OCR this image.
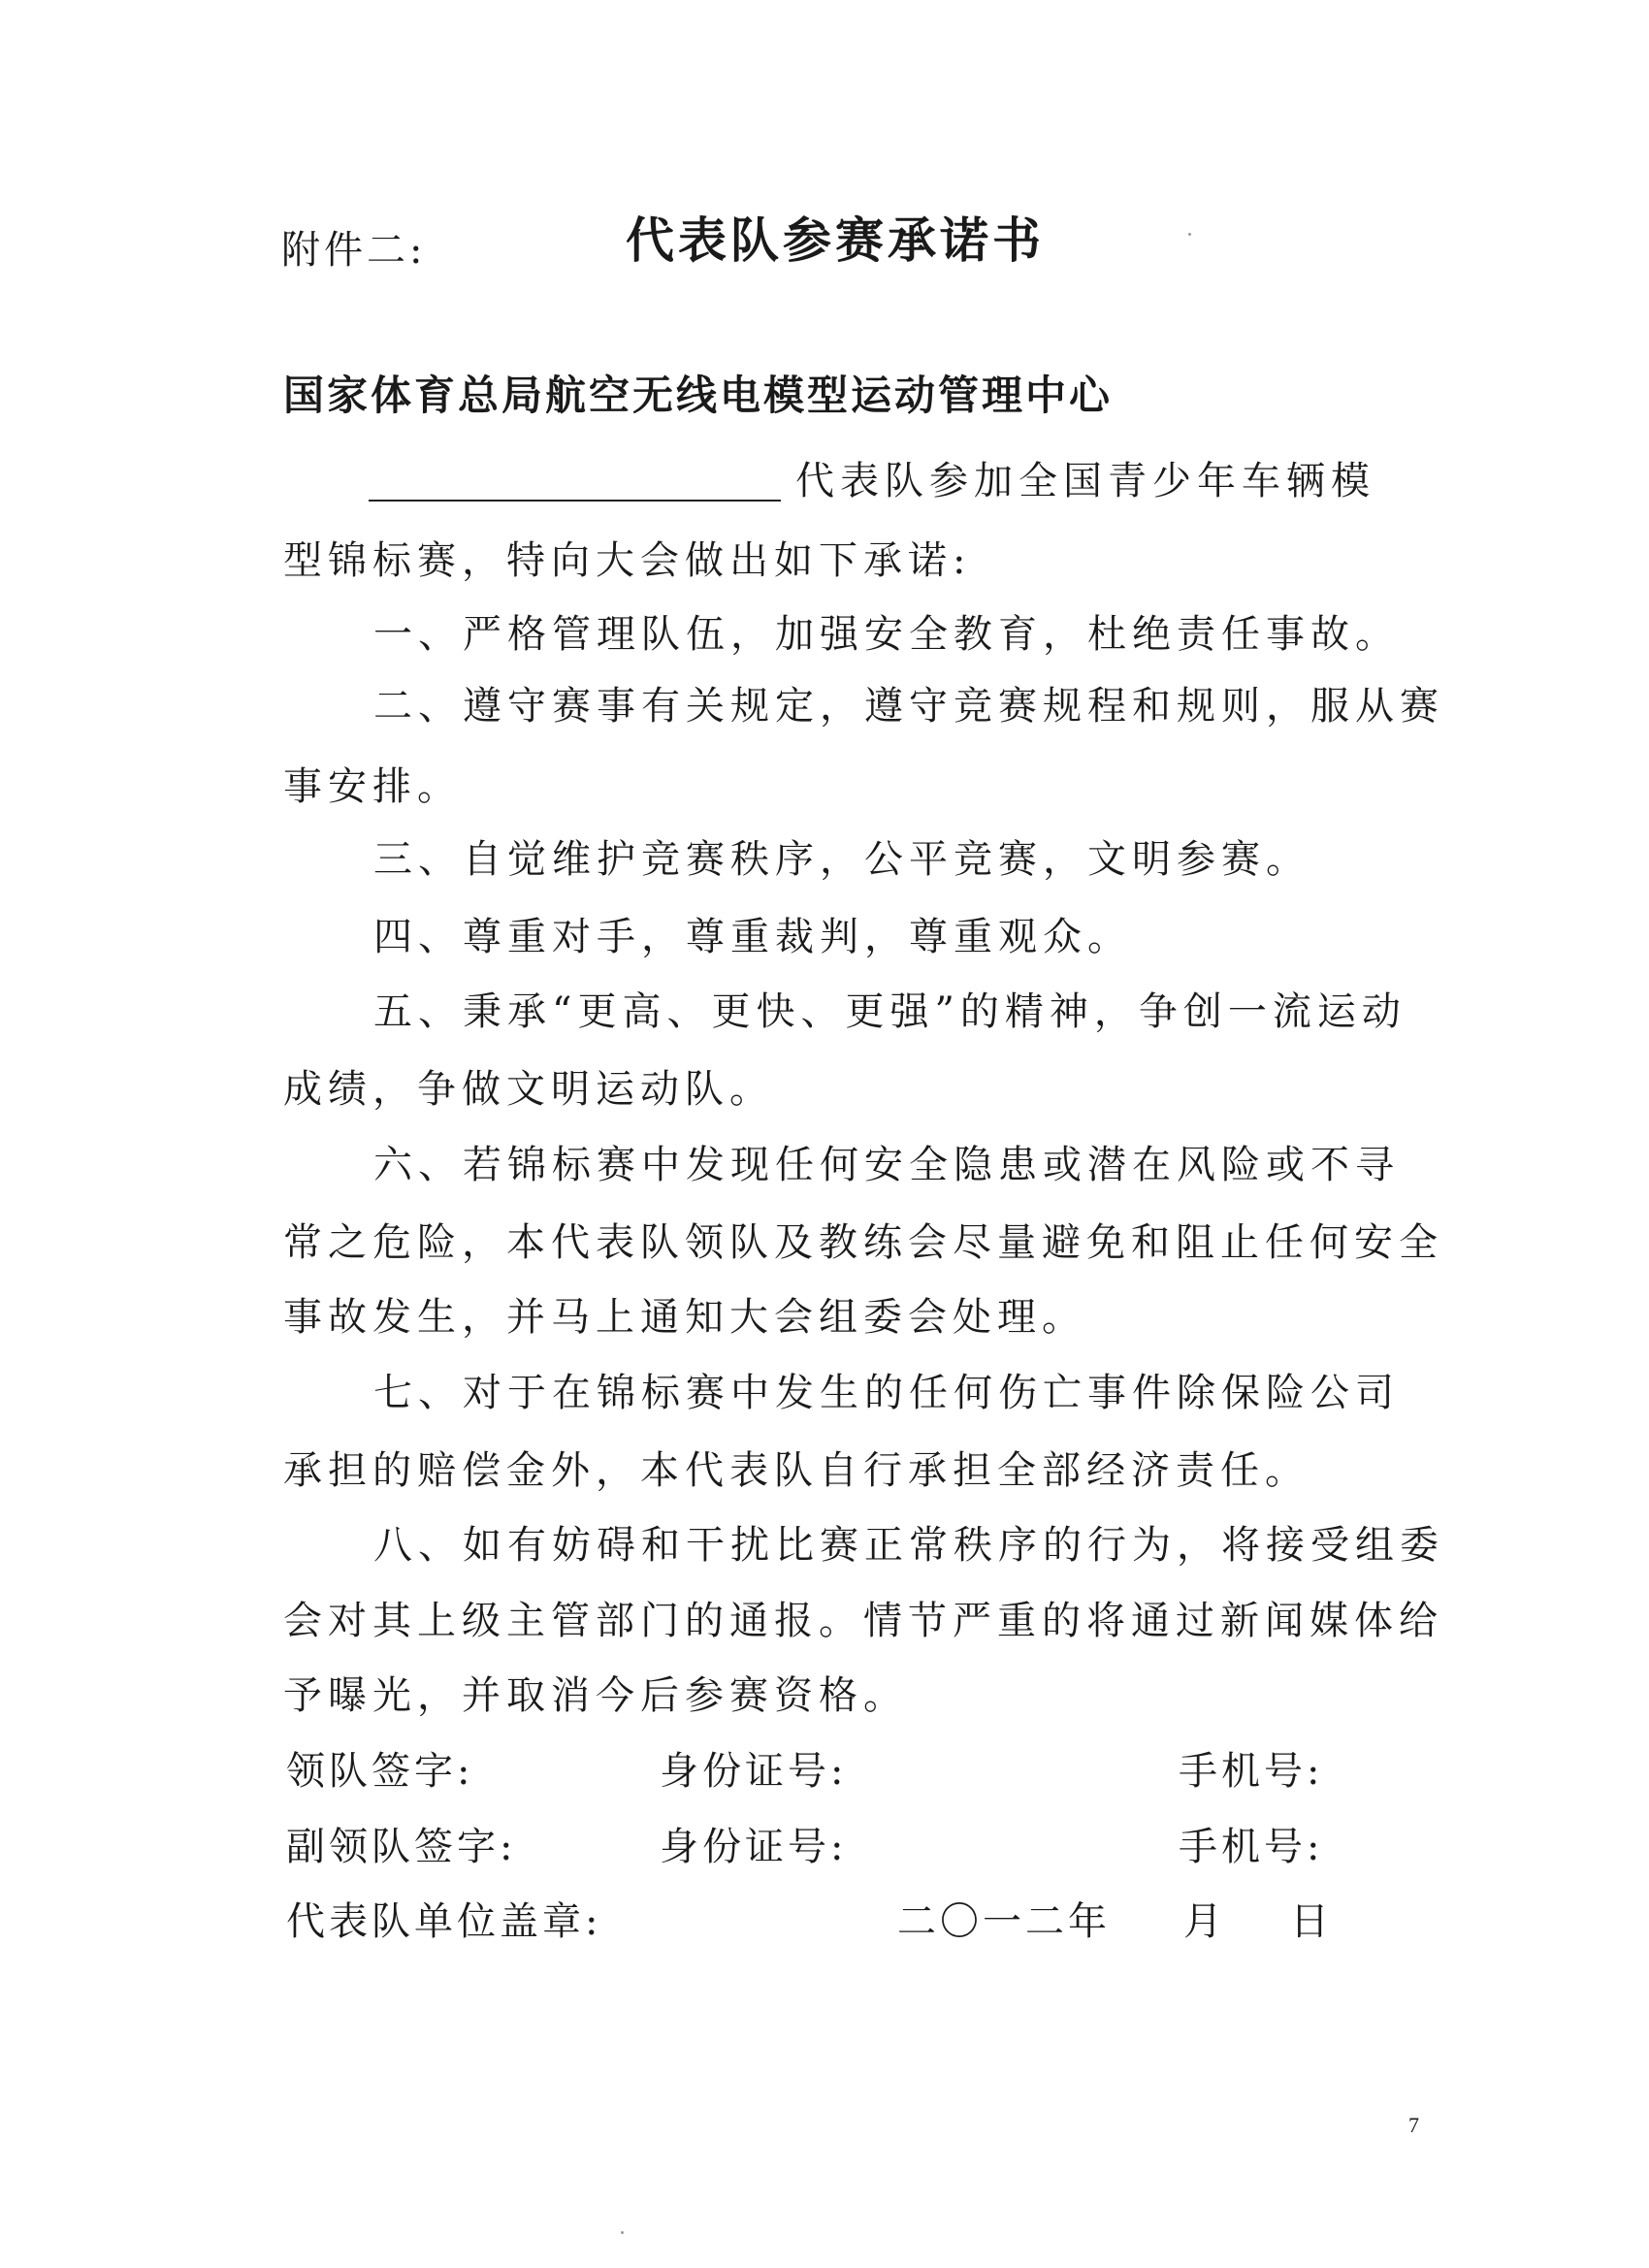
附件二:	代表队参赛承诺书
国家体育总局航空无线电模型运动管理中心
代表队参加全国青少年车辆模
型锦标赛，特向大会做出如下承诺:
一、严格管理队伍，加强安全教育，杜绝责任事故。
二、遵守赛事有关规定，遵守竞赛规程和规则，服从赛
事安排。
三、自觉维护竞赛秩序，公平竞赛，文明参赛。
四、尊重对手，尊重裁判，尊重观众。
五、秉承“更高、更快、更强”的精神，争创一流运动
成绩，争做文明运动队。
六、若锦标赛中发现任何安全隐患或潜在风险或不寻
常之危险，本代表队领队及教练会尽量避免和阻止任何安全
事故发生，并马上通知大会组委会处理。
七、对于在锦标赛中发生的任何伤亡事件除保险公司
承担的赔偿金外，本代表队自行承担全部经济责任。
八、如有妨碍和干扰比赛正常秩序的行为，将接受组委
会对其上级主管部门的通报。情节严重的将通过新闻媒体给
予曝光，并取消今后参赛资格。
领队签字:	身份证号:	手机号:
副领队签字:	身份证号:	手机号:
代表队单位盖章:	二〇一二年 月 日
7
